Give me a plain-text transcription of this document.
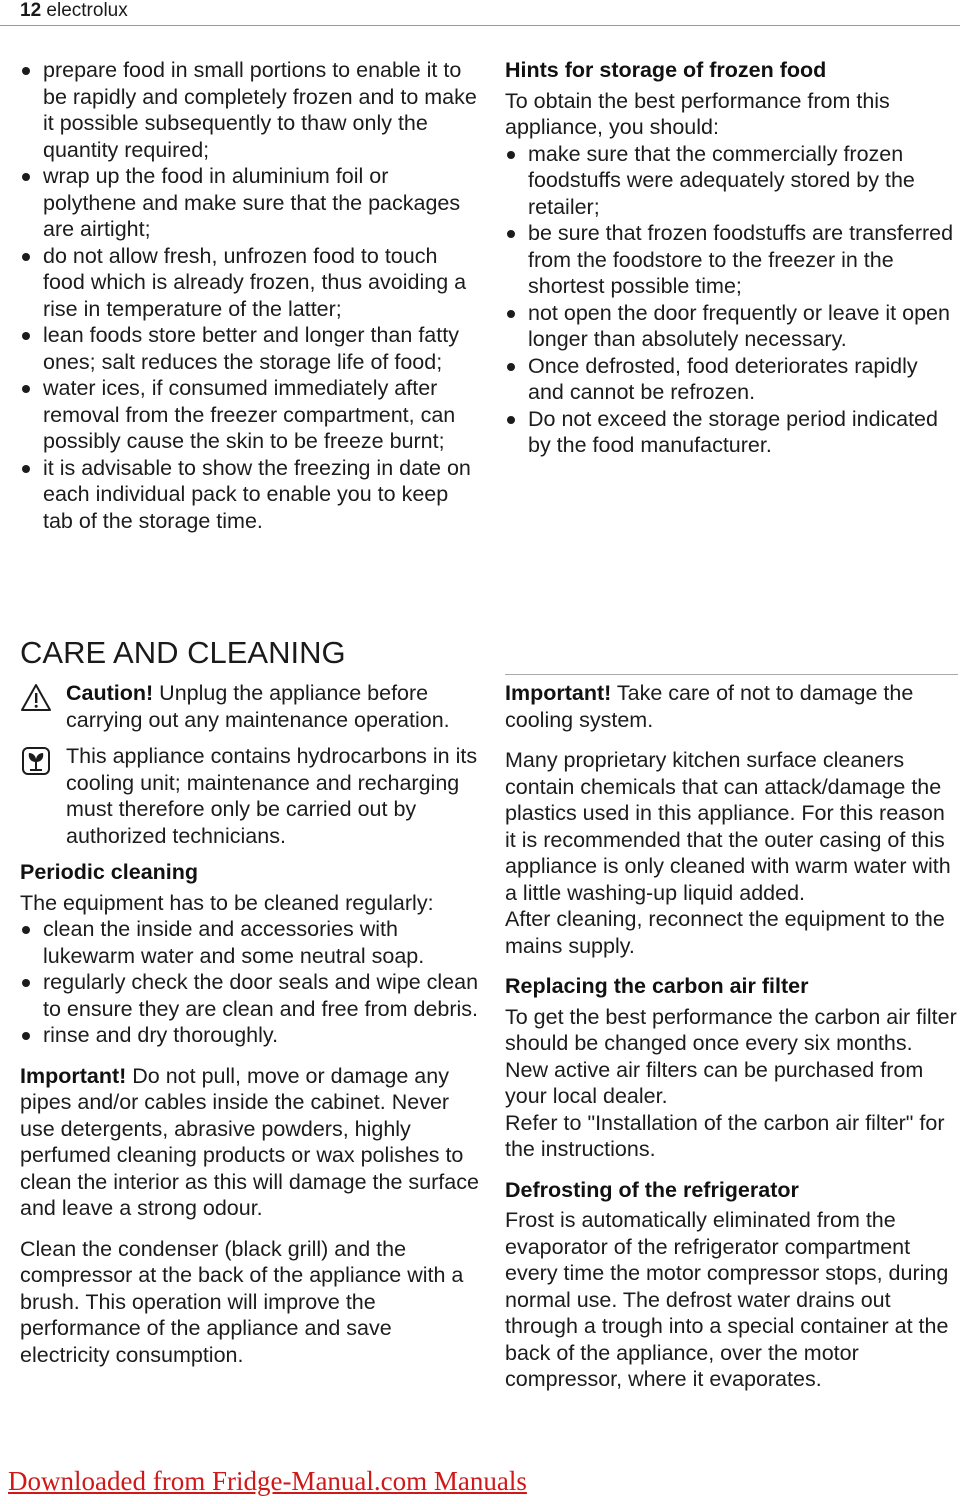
12 electrolux
prepare food in small portions to enable it to be rapidly and completely frozen and to make it possible subsequently to thaw only the quantity required;
wrap up the food in aluminium foil or polythene and make sure that the packages are airtight;
do not allow fresh, unfrozen food to touch food which is already frozen, thus avoiding a rise in temperature of the latter;
lean foods store better and longer than fatty ones; salt reduces the storage life of food;
water ices, if consumed immediately after removal from the freezer compartment, can possibly cause the skin to be freeze burnt;
it is advisable to show the freezing in date on each individual pack to enable you to keep tab of the storage time.
Hints for storage of frozen food

To obtain the best performance from this appliance, you should:

make sure that the commercially frozen foodstuffs were adequately stored by the retailer;
be sure that frozen foodstuffs are transferred from the foodstore to the freezer in the shortest possible time;
not open the door frequently or leave it open longer than absolutely necessary.
Once defrosted, food deteriorates rapidly and cannot be refrozen.
Do not exceed the storage period indicated by the food manufacturer.
CARE AND CLEANING

Caution! Unplug the appliance before carrying out any maintenance operation.

This appliance contains hydrocarbons in its cooling unit; maintenance and recharging must therefore only be carried out by authorized technicians.

Periodic cleaning

The equipment has to be cleaned regularly:

clean the inside and accessories with lukewarm water and some neutral soap.
regularly check the door seals and wipe clean to ensure they are clean and free from debris.
rinse and dry thoroughly.

Important! Do not pull, move or damage any pipes and/or cables inside the cabinet. Never use detergents, abrasive powders, highly perfumed cleaning products or wax polishes to clean the interior as this will damage the surface and leave a strong odour.

Clean the condenser (black grill) and the compressor at the back of the appliance with a brush. This operation will improve the performance of the appliance and save electricity consumption.

Important! Take care of not to damage the cooling system.

Many proprietary kitchen surface cleaners contain chemicals that can attack/damage the plastics used in this appliance. For this reason it is recommended that the outer casing of this appliance is only cleaned with warm water with a little washing-up liquid added.

After cleaning, reconnect the equipment to the mains supply.

Replacing the carbon air filter

To get the best performance the carbon air filter should be changed once every six months.

New active air filters can be purchased from your local dealer.

Refer to "Installation of the carbon air filter" for the instructions.

Defrosting of the refrigerator

Frost is automatically eliminated from the evaporator of the refrigerator compartment every time the motor compressor stops, during normal use. The defrost water drains out through a trough into a special container at the back of the appliance, over the motor compressor, where it evaporates.

Downloaded from Fridge-Manual.com Manuals
